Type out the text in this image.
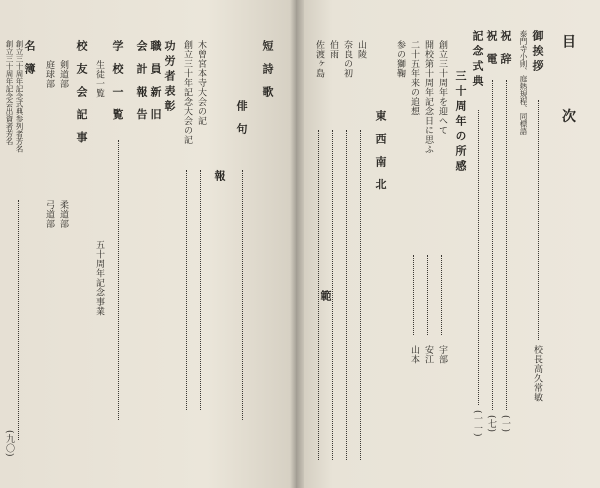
目 次
御挨拶
校長高久常敏
泰門寺小則、庭熱規程、同標語
祝 辞
(一)
祝 電
(七)
記念式典
(一一)
三十周年の所感
創立三十周年を迎へて
宇部
開校第十周年記念日に思ふ
安江
二十五年来の追想
山本
参の獅鞠
東 西 南 北
山陵
奈良の初
伯雨
佐渡ヶ島
範
短 詩 歌
俳 句
報
木曾宮本寺大会の記
創立三十年記念大会の記
功労者表彰
職 員 新 旧
会 計 報 告
学 校 一 覧
生徒一覧
五十周年記念事業
校 友 会 記 事
剣道部
柔道部
庭球部
弓道部
名 簿
創立三十周年記念式典参列者芳名
創立三十周年記念会出資者芳名
(九〇)
